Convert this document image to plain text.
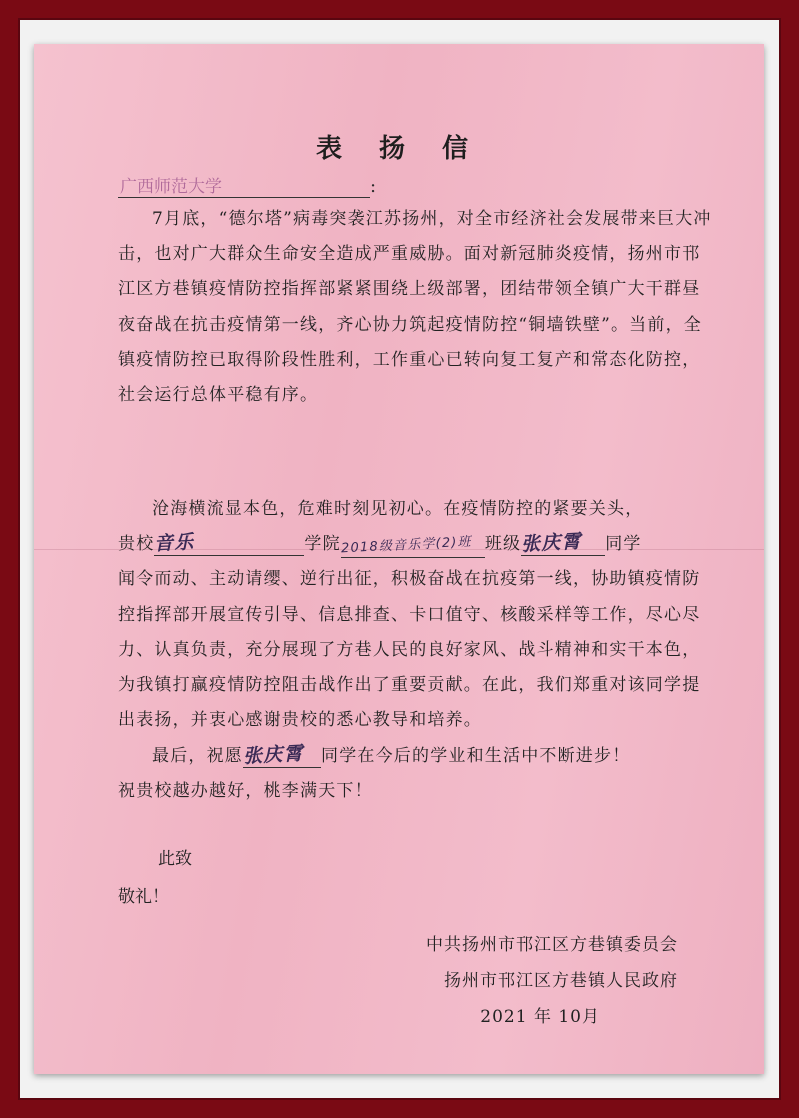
表 扬 信
广西师范大学	:
7月底，“德尔塔”病毒突袭江苏扬州，对全市经济社会发展带来巨大冲击，也对广大群众生命安全造成严重威胁。面对新冠肺炎疫情，扬州市邗江区方巷镇疫情防控指挥部紧紧围绕上级部署，团结带领全镇广大干群昼夜奋战在抗击疫情第一线，齐心协力筑起疫情防控“铜墙铁壁”。当前，全镇疫情防控已取得阶段性胜利，工作重心已转向复工复产和常态化防控，社会运行总体平稳有序。
沧海横流显本色，危难时刻见初心。在疫情防控的紧要关头，
贵校音乐	学院2018级音乐学(2)班 班级张庆霄 同学
闻令而动、主动请缨、逆行出征，积极奋战在抗疫第一线，协助镇疫情防控指挥部开展宣传引导、信息排查、卡口值守、核酸采样等工作，尽心尽力、认真负责，充分展现了方巷人民的良好家风、战斗精神和实干本色，为我镇打赢疫情防控阻击战作出了重要贡献。在此，我们郑重对该同学提出表扬，并衷心感谢贵校的悉心教导和培养。
最后，祝愿张庆霄 同学在今后的学业和生活中不断进步！
祝贵校越办越好，桃李满天下！
此致
敬礼！
中共扬州市邗江区方巷镇委员会
扬州市邗江区方巷镇人民政府
2021 年 10月
